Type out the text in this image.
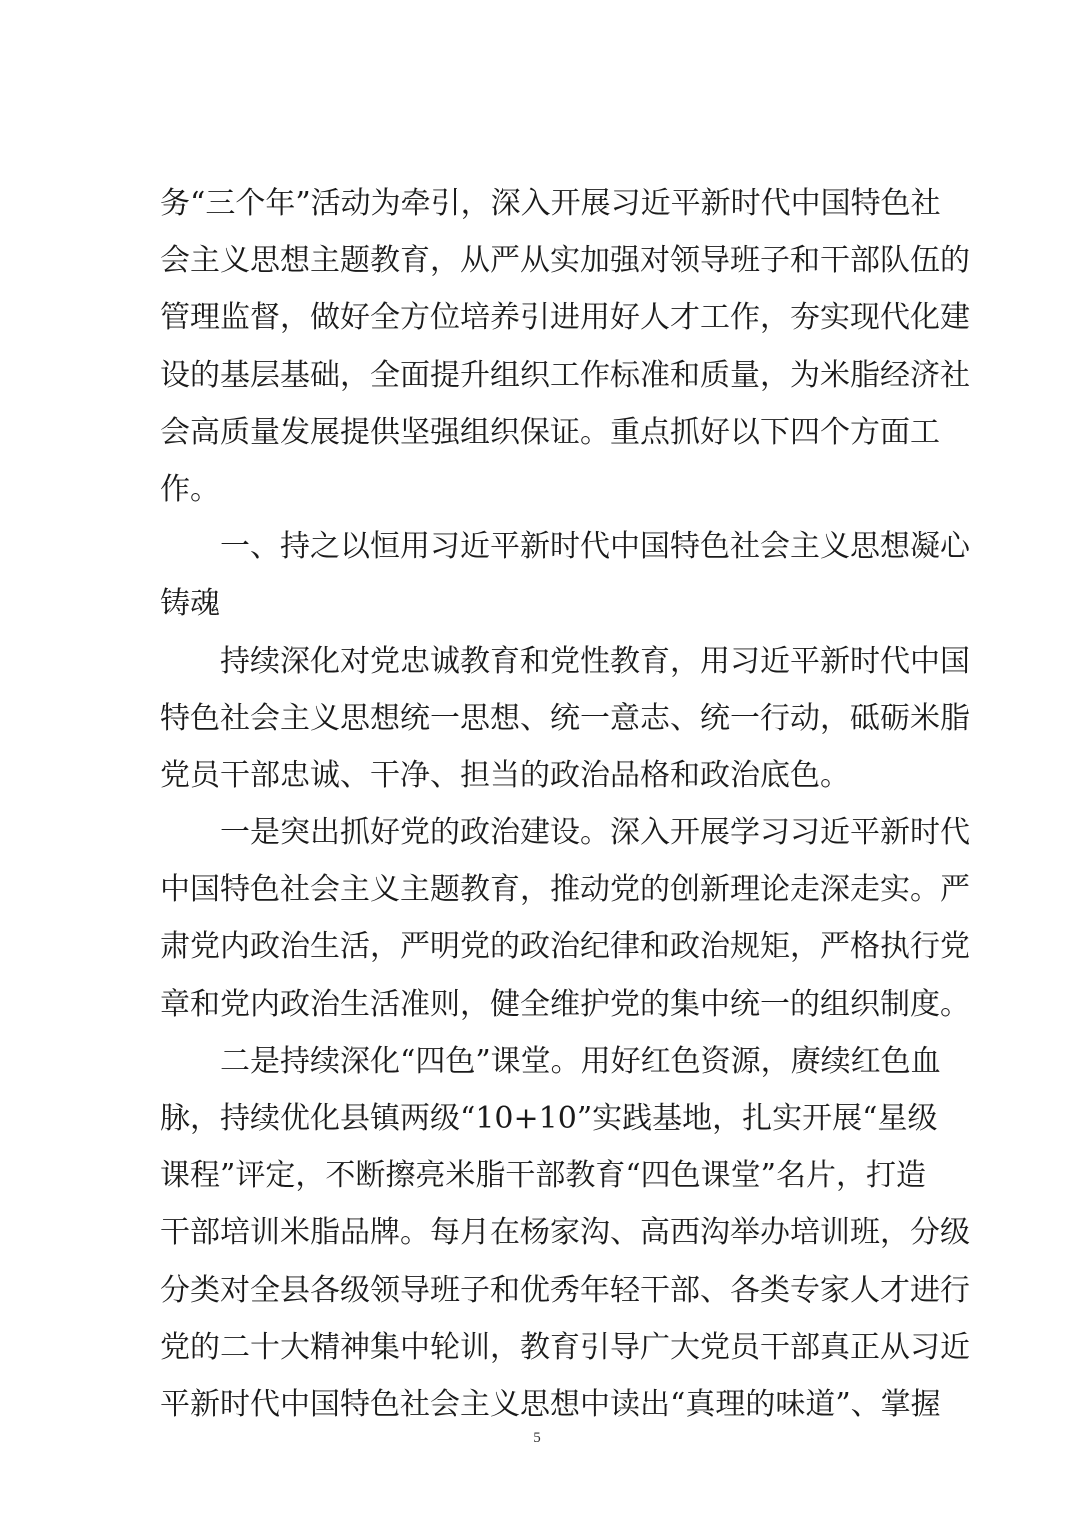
务“三个年”活动为牵引，深入开展习近平新时代中国特色社
会主义思想主题教育，从严从实加强对领导班子和干部队伍的
管理监督，做好全方位培养引进用好人才工作，夯实现代化建
设的基层基础，全面提升组织工作标准和质量，为米脂经济社
会高质量发展提供坚强组织保证。重点抓好以下四个方面工
作。
一、持之以恒用习近平新时代中国特色社会主义思想凝心
铸魂
持续深化对党忠诚教育和党性教育，用习近平新时代中国
特色社会主义思想统一思想、统一意志、统一行动，砥砺米脂
党员干部忠诚、干净、担当的政治品格和政治底色。
一是突出抓好党的政治建设。深入开展学习习近平新时代
中国特色社会主义主题教育，推动党的创新理论走深走实。严
肃党内政治生活，严明党的政治纪律和政治规矩，严格执行党
章和党内政治生活准则，健全维护党的集中统一的组织制度。
二是持续深化“四色”课堂。用好红色资源，赓续红色血
脉，持续优化县镇两级“10+10”实践基地，扎实开展“星级
课程”评定，不断擦亮米脂干部教育“四色课堂”名片，打造
干部培训米脂品牌。每月在杨家沟、高西沟举办培训班，分级
分类对全县各级领导班子和优秀年轻干部、各类专家人才进行
党的二十大精神集中轮训，教育引导广大党员干部真正从习近
平新时代中国特色社会主义思想中读出“真理的味道”、掌握
5
